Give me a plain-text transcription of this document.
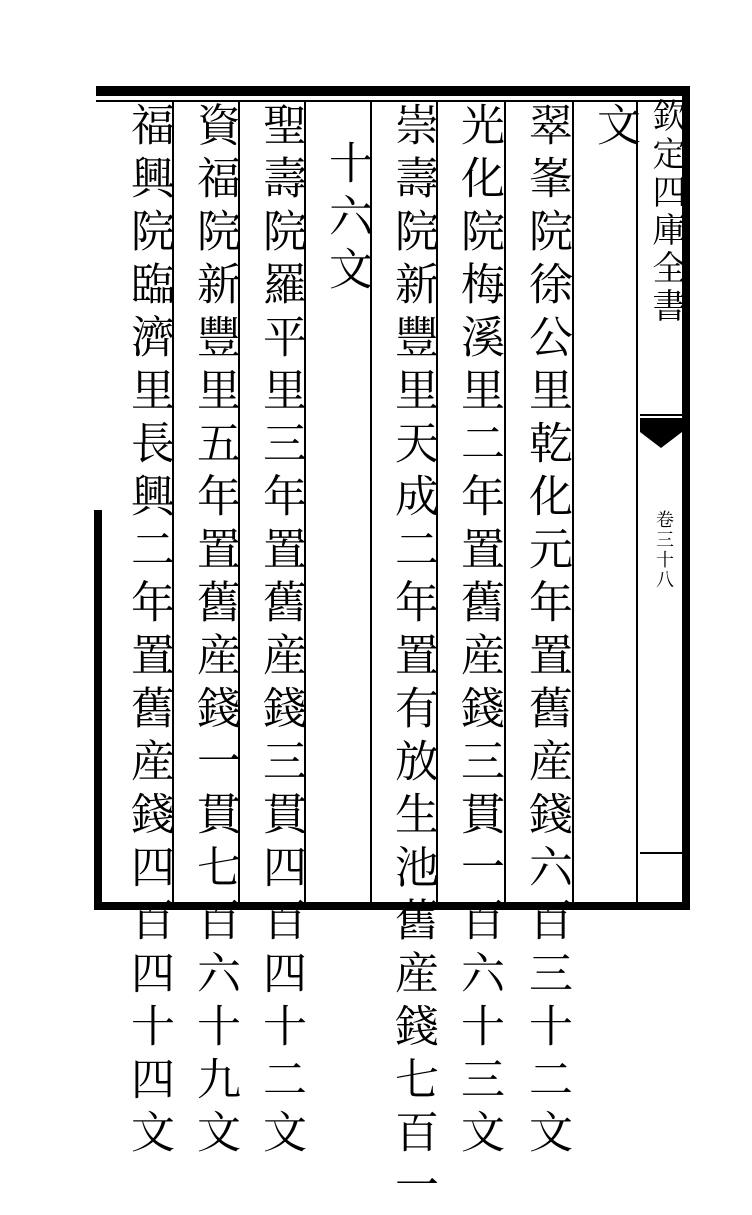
欽定四庫全書
卷三十八
文
翠峯院徐公里乾化元年置舊産錢六百三十二文
光化院梅溪里二年置舊産錢三貫一百六十三文
崇壽院新豐里天成二年置有放生池舊産錢七百一
十六文
聖壽院羅平里三年置舊産錢三貫四百四十二文
資福院新豐里五年置舊産錢一貫七百六十九文
福興院臨濟里長興二年置舊産錢四百四十四文
